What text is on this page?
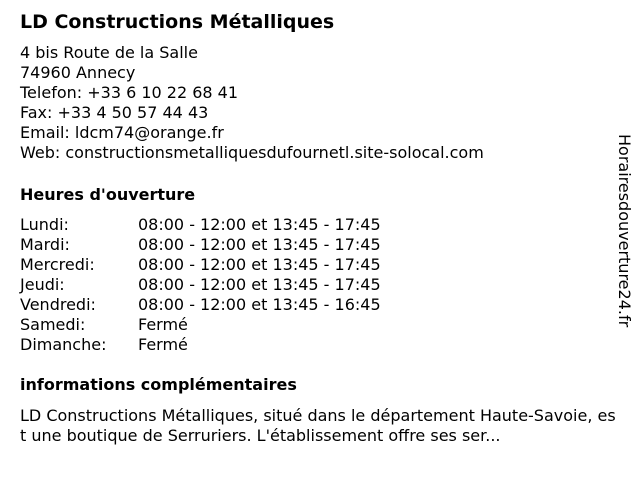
LD Constructions Métalliques
4 bis Route de la Salle
74960 Annecy
Telefon: +33 6 10 22 68 41
Fax: +33 4 50 57 44 43
Email: ldcm74@orange.fr
Web: constructionsmetalliquesdufournetl.site-solocal.com
Heures d'ouverture
Lundi:	08:00 - 12:00 et 13:45 - 17:45
Mardi:	08:00 - 12:00 et 13:45 - 17:45
Mercredi:	08:00 - 12:00 et 13:45 - 17:45
Jeudi:	08:00 - 12:00 et 13:45 - 17:45
Vendredi:	08:00 - 12:00 et 13:45 - 16:45
Samedi:	Fermé
Dimanche:	Fermé
informations complémentaires
LD Constructions Métalliques, situé dans le département Haute-Savoie, est une boutique de Serruriers. L'établissement offre ses ser...
Horairesdouverture24.fr
